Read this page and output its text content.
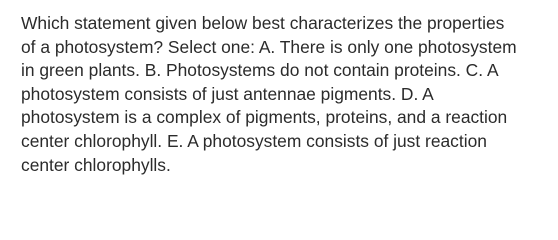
Which statement given below best characterizes the properties
of a photosystem? Select one: A. There is only one photosystem
in green plants. B. Photosystems do not contain proteins. C. A
photosystem consists of just antennae pigments. D. A
photosystem is a complex of pigments, proteins, and a reaction
center chlorophyll. E. A photosystem consists of just reaction
center chlorophylls.
